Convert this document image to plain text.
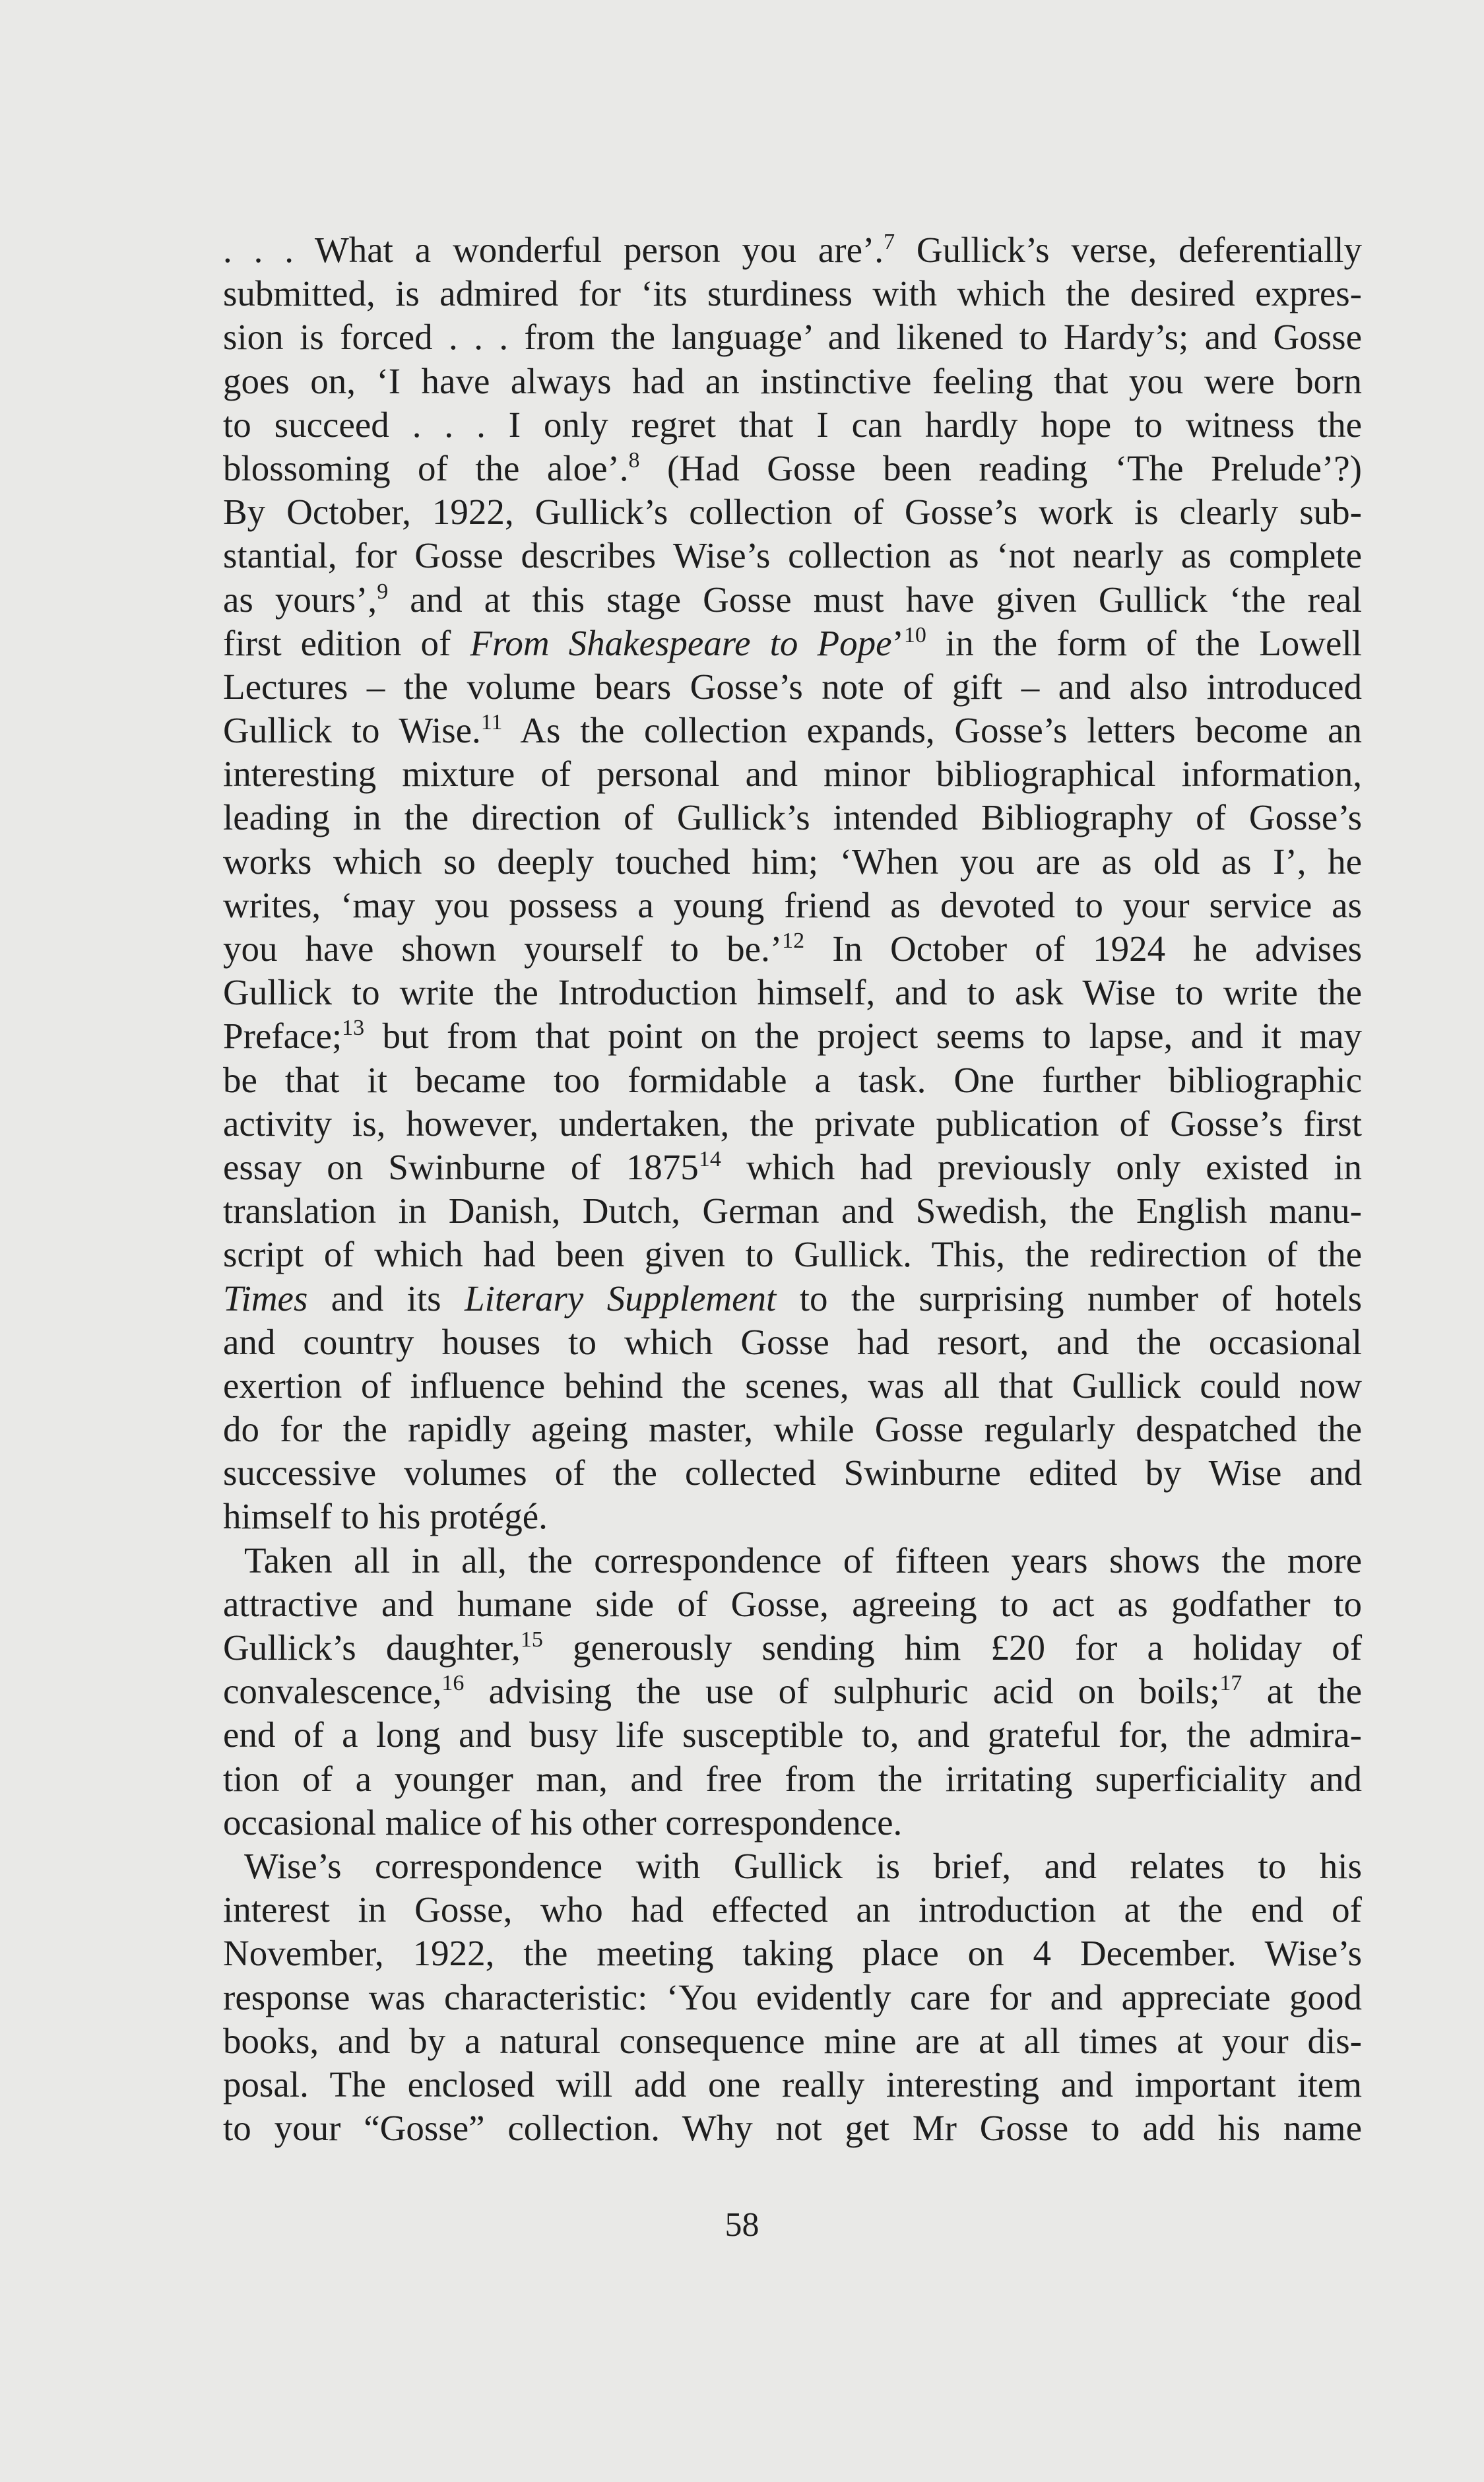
. . . What a wonderful person you are’.$^7$ Gullick’s verse, deferentially
submitted, is admired for ‘its sturdiness with which the desired expres-
sion is forced . . . from the language’ and likened to Hardy’s; and Gosse
goes on, ‘I have always had an instinctive feeling that you were born
to succeed . . . I only regret that I can hardly hope to witness the
blossoming of the aloe’.$^8$ (Had Gosse been reading ‘The Prelude’?)
By October, 1922, Gullick’s collection of Gosse’s work is clearly sub-
stantial, for Gosse describes Wise’s collection as ‘not nearly as complete
as yours’,$^9$ and at this stage Gosse must have given Gullick ‘the real
first edition of From Shakespeare to Pope’$^{10}$ in the form of the Lowell
Lectures – the volume bears Gosse’s note of gift – and also introduced
Gullick to Wise.$^{11}$ As the collection expands, Gosse’s letters become an
interesting mixture of personal and minor bibliographical information,
leading in the direction of Gullick’s intended Bibliography of Gosse’s
works which so deeply touched him; ‘When you are as old as I’, he
writes, ‘may you possess a young friend as devoted to your service as
you have shown yourself to be.’$^{12}$ In October of 1924 he advises
Gullick to write the Introduction himself, and to ask Wise to write the
Preface;$^{13}$ but from that point on the project seems to lapse, and it may
be that it became too formidable a task. One further bibliographic
activity is, however, undertaken, the private publication of Gosse’s first
essay on Swinburne of 1875$^{14}$ which had previously only existed in
translation in Danish, Dutch, German and Swedish, the English manu-
script of which had been given to Gullick. This, the redirection of the
Times and its Literary Supplement to the surprising number of hotels
and country houses to which Gosse had resort, and the occasional
exertion of influence behind the scenes, was all that Gullick could now
do for the rapidly ageing master, while Gosse regularly despatched the
successive volumes of the collected Swinburne edited by Wise and
himself to his protégé.
Taken all in all, the correspondence of fifteen years shows the more
attractive and humane side of Gosse, agreeing to act as godfather to
Gullick’s daughter,$^{15}$ generously sending him £20 for a holiday of
convalescence,$^{16}$ advising the use of sulphuric acid on boils;$^{17}$ at the
end of a long and busy life susceptible to, and grateful for, the admira-
tion of a younger man, and free from the irritating superficiality and
occasional malice of his other correspondence.
Wise’s correspondence with Gullick is brief, and relates to his
interest in Gosse, who had effected an introduction at the end of
November, 1922, the meeting taking place on 4 December. Wise’s
response was characteristic: ‘You evidently care for and appreciate good
books, and by a natural consequence mine are at all times at your dis-
posal. The enclosed will add one really interesting and important item
to your “Gosse” collection. Why not get Mr Gosse to add his name
58
